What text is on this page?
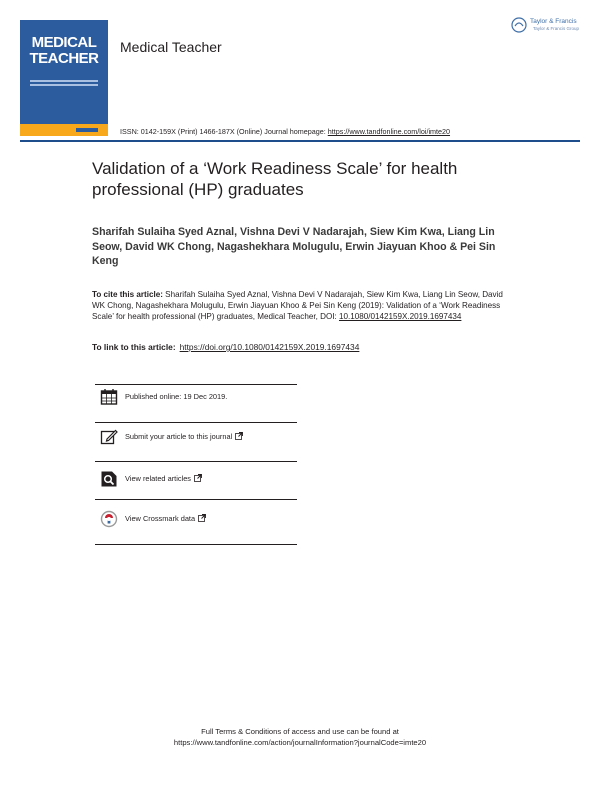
MEDICAL
TEACHER
Medical Teacher
Taylor & Francis
Taylor & Francis Group
ISSN: 0142-159X (Print) 1466-187X (Online) Journal homepage: https://www.tandfonline.com/loi/imte20
Validation of a ‘Work Readiness Scale’ for health professional (HP) graduates
Sharifah Sulaiha Syed Aznal, Vishna Devi V Nadarajah, Siew Kim Kwa, Liang Lin Seow, David WK Chong, Nagashekhara Molugulu, Erwin Jiayuan Khoo & Pei Sin Keng
To cite this article: Sharifah Sulaiha Syed Aznal, Vishna Devi V Nadarajah, Siew Kim Kwa, Liang Lin Seow, David WK Chong, Nagashekhara Molugulu, Erwin Jiayuan Khoo & Pei Sin Keng (2019): Validation of a ‘Work Readiness Scale’ for health professional (HP) graduates, Medical Teacher, DOI: 10.1080/0142159X.2019.1697434
To link to this article: https://doi.org/10.1080/0142159X.2019.1697434
Published online: 19 Dec 2019.
Submit your article to this journal
View related articles
View Crossmark data
Full Terms & Conditions of access and use can be found at
https://www.tandfonline.com/action/journalInformation?journalCode=imte20
